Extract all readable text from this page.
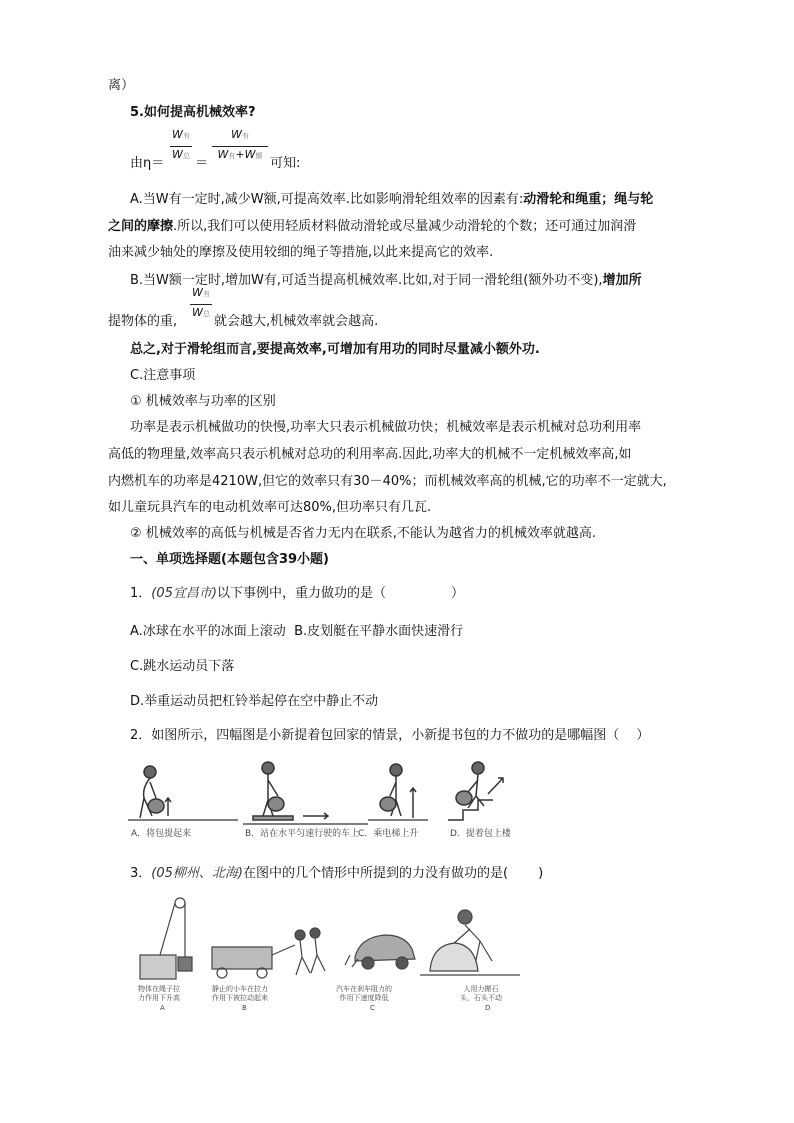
离）
5.如何提高机械效率?
由η＝
W有
W总 ＝
W有
W有+W额 可知:
A.当W有一定时,减少W额,可提高效率.比如影响滑轮组效率的因素有:动滑轮和绳重；绳与轮
之间的摩擦.所以,我们可以使用轻质材料做动滑轮或尽量减少动滑轮的个数；还可通过加润滑
油来减少轴处的摩擦及使用较细的绳子等措施,以此来提高它的效率.
B.当W额一定时,增加W有,可适当提高机械效率.比如,对于同一滑轮组(额外功不变),增加所
提物体的重,
W有
W总 就会越大,机械效率就会越高.
总之,对于滑轮组而言,要提高效率,可增加有用功的同时尽量减小额外功.
C.注意事项
① 机械效率与功率的区别
功率是表示机械做功的快慢,功率大只表示机械做功快；机械效率是表示机械对总功利用率
高低的物理量,效率高只表示机械对总功的利用率高.因此,功率大的机械不一定机械效率高,如
内燃机车的功率是4210W,但它的效率只有30－40%；而机械效率高的机械,它的功率不一定就大,
如儿童玩具汽车的电动机效率可达80%,但功率只有几瓦.
② 机械效率的高低与机械是否省力无内在联系,不能认为越省力的机械效率就越高.
一、单项选择题(本题包含39小题)
1．(05宜昌市)以下事例中，重力做功的是（　　　　　）
A.冰球在水平的冰面上滚动 B.皮划艇在平静水面快速滑行
C.跳水运动员下落
D.举重运动员把杠铃举起停在空中静止不动
2．如图所示，四幅图是小新提着包回家的情景，小新提书包的力不做功的是哪幅图（　 ）
A．将包提起来	B．站在水平匀速行驶的车上
C．乘电梯上升	D．提着包上楼
3．(05柳州、北海)在图中的几个情形中所提到的力没有做功的是(　　 )
物体在绳子拉
力作用下升高
静止的小车在拉力
作用下被拉动起来
汽车在刹车阻力的
作用下速度降低
人用力搬石
头，石头不动
A	B	C	D
